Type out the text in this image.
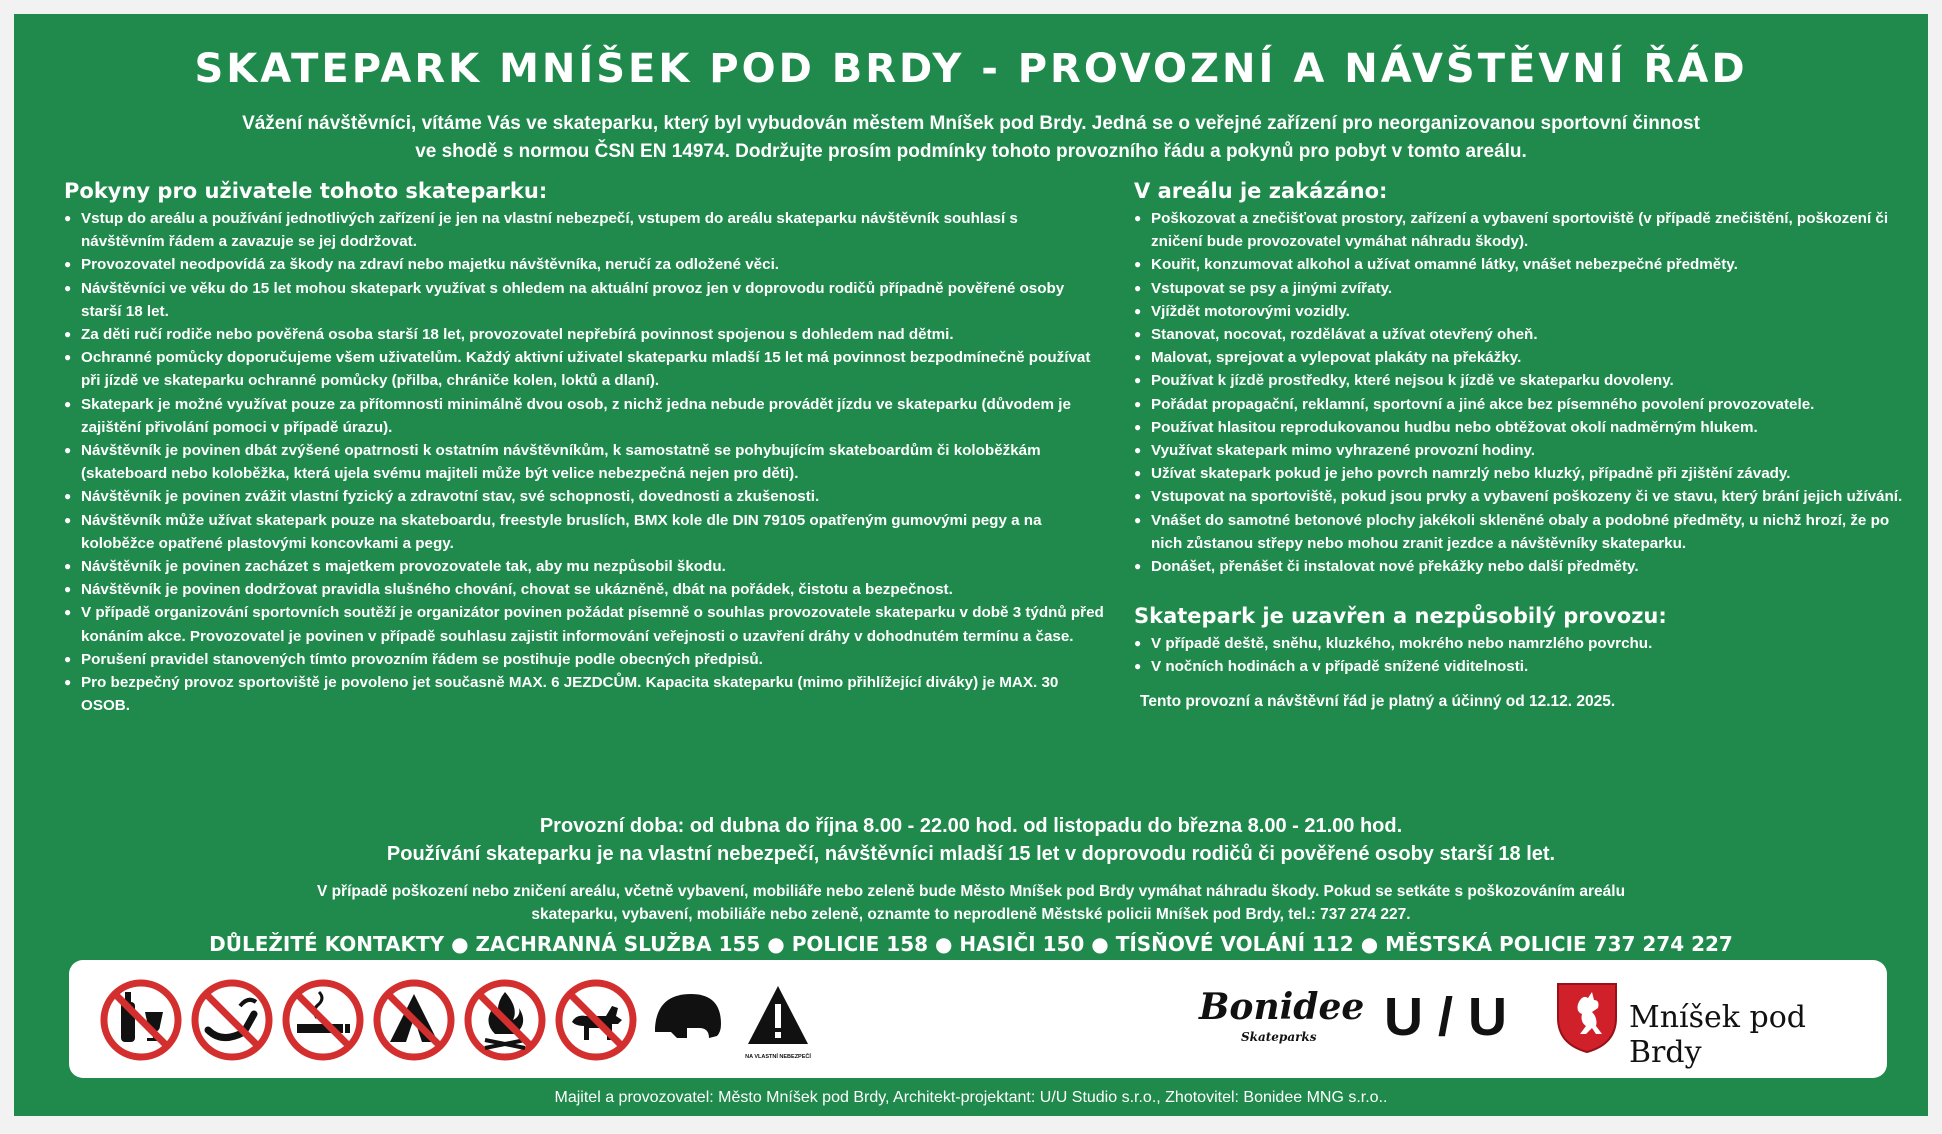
SKATEPARK MNÍŠEK POD BRDY - PROVOZNÍ A NÁVŠTĚVNÍ ŘÁD
Vážení návštěvníci, vítáme Vás ve skateparku, který byl vybudován městem Mníšek pod Brdy. Jedná se o veřejné zařízení pro neorganizovanou sportovní činnost
ve shodě s normou ČSN EN 14974. Dodržujte prosím podmínky tohoto provozního řádu a pokynů pro pobyt v tomto areálu.
Pokyny pro uživatele tohoto skateparku:
● Vstup do areálu a používání jednotlivých zařízení je jen na vlastní nebezpečí, vstupem do areálu skateparku návštěvník souhlasí s návštěvním řádem a zavazuje se jej dodržovat.
● Provozovatel neodpovídá za škody na zdraví nebo majetku návštěvníka, neručí za odložené věci.
● Návštěvníci ve věku do 15 let mohou skatepark využívat s ohledem na aktuální provoz jen v doprovodu rodičů případně pověřené osoby starší 18 let.
● Za děti ručí rodiče nebo pověřená osoba starší 18 let, provozovatel nepřebírá povinnost spojenou s dohledem nad dětmi.
● Ochranné pomůcky doporučujeme všem uživatelům. Každý aktivní uživatel skateparku mladší 15 let má povinnost bezpodmínečně používat při jízdě ve skateparku ochranné pomůcky (přilba, chrániče kolen, loktů a dlaní).
● Skatepark je možné využívat pouze za přítomnosti minimálně dvou osob, z nichž jedna nebude provádět jízdu ve skateparku (důvodem je zajištění přivolání pomoci v případě úrazu).
● Návštěvník je povinen dbát zvýšené opatrnosti k ostatním návštěvníkům, k samostatně se pohybujícím skateboardům či koloběžkám (skateboard nebo koloběžka, která ujela svému majiteli může být velice nebezpečná nejen pro děti).
● Návštěvník je povinen zvážit vlastní fyzický a zdravotní stav, své schopnosti, dovednosti a zkušenosti.
● Návštěvník může užívat skatepark pouze na skateboardu, freestyle bruslích, BMX kole dle DIN 79105 opatřeným gumovými pegy a na koloběžce opatřené plastovými koncovkami a pegy.
● Návštěvník je povinen zacházet s majetkem provozovatele tak, aby mu nezpůsobil škodu.
● Návštěvník je povinen dodržovat pravidla slušného chování, chovat se ukázněně, dbát na pořádek, čistotu a bezpečnost.
● V případě organizování sportovních soutěží je organizátor povinen požádat písemně o souhlas provozovatele skateparku v době 3 týdnů před konáním akce. Provozovatel je povinen v případě souhlasu zajistit informování veřejnosti o uzavření dráhy v dohodnutém termínu a čase.
● Porušení pravidel stanovených tímto provozním řádem se postihuje podle obecných předpisů.
● Pro bezpečný provoz sportoviště je povoleno jet současně MAX. 6 JEZDCŮM. Kapacita skateparku (mimo přihlížející diváky) je MAX. 30 OSOB.
V areálu je zakázáno:
● Poškozovat a znečišťovat prostory, zařízení a vybavení sportoviště (v případě znečištění, poškození či zničení bude provozovatel vymáhat náhradu škody).
● Kouřit, konzumovat alkohol a užívat omamné látky, vnášet nebezpečné předměty.
● Vstupovat se psy a jinými zvířaty.
● Vjíždět motorovými vozidly.
● Stanovat, nocovat, rozdělávat a užívat otevřený oheň.
● Malovat, sprejovat a vylepovat plakáty na překážky.
● Používat k jízdě prostředky, které nejsou k jízdě ve skateparku dovoleny.
● Pořádat propagační, reklamní, sportovní a jiné akce bez písemného povolení provozovatele.
● Používat hlasitou reprodukovanou hudbu nebo obtěžovat okolí nadměrným hlukem.
● Využívat skatepark mimo vyhrazené provozní hodiny.
● Užívat skatepark pokud je jeho povrch namrzlý nebo kluzký, případně při zjištění závady.
● Vstupovat na sportoviště, pokud jsou prvky a vybavení poškozeny či ve stavu, který brání jejich užívání.
● Vnášet do samotné betonové plochy jakékoli skleněné obaly a podobné předměty, u nichž hrozí, že po nich zůstanou střepy nebo mohou zranit jezdce a návštěvníky skateparku.
● Donášet, přenášet či instalovat nové překážky nebo další předměty.
Skatepark je uzavřen a nezpůsobilý provozu:
● V případě deště, sněhu, kluzkého, mokrého nebo namrzlého povrchu.
● V nočních hodinách a v případě snížené viditelnosti.
Tento provozní a návštěvní řád je platný a účinný od 12.12. 2025.
Provozní doba: od dubna do října 8.00 - 22.00 hod. od listopadu do března 8.00 - 21.00 hod.
Používání skateparku je na vlastní nebezpečí, návštěvníci mladší 15 let v doprovodu rodičů či pověřené osoby starší 18 let.
V případě poškození nebo zničení areálu, včetně vybavení, mobiliáře nebo zeleně bude Město Mníšek pod Brdy vymáhat náhradu škody. Pokud se setkáte s poškozováním areálu
skateparku, vybavení, mobiliáře nebo zeleně, oznamte to neprodleně Městské policii Mníšek pod Brdy, tel.: 737 274 227.
DŮLEŽITÉ KONTAKTY ● ZACHRANNÁ SLUŽBA 155 ● POLICIE 158 ● HASIČI 150 ● TÍSŇOVÉ VOLÁNÍ 112 ● MĚSTSKÁ POLICIE 737 274 227
NA VLASTNÍ NEBEZPEČÍ
Bonidee
Skateparks U / U	Mníšek pod Brdy
Majitel a provozovatel: Město Mníšek pod Brdy, Architekt-projektant: U/U Studio s.r.o., Zhotovitel: Bonidee MNG s.r.o..
